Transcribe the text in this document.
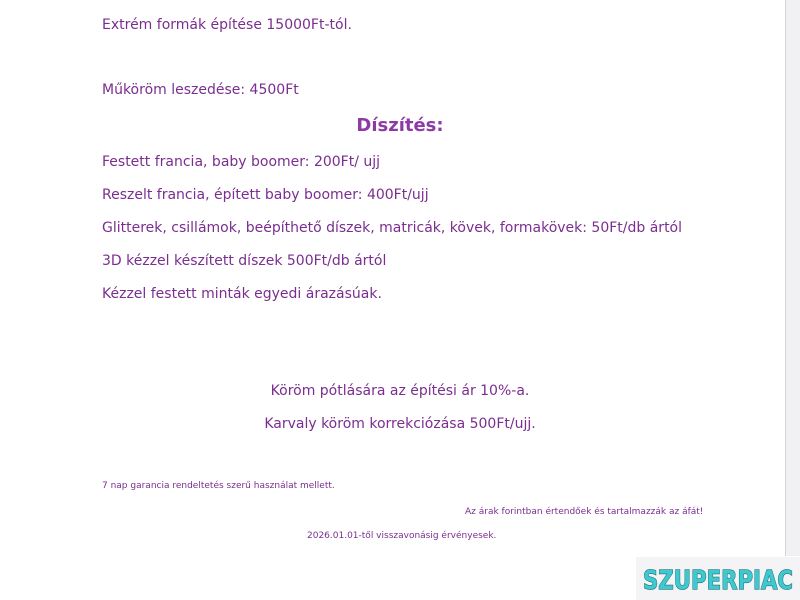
Extrém formák építése 15000Ft-tól.

Műköröm leszedése: 4500Ft

Díszítés:

Festett francia, baby boomer: 200Ft/ ujj

Reszelt francia, épített baby boomer: 400Ft/ujj

Glitterek, csillámok, beépíthető díszek, matricák, kövek, formakövek: 50Ft/db ártól

3D kézzel készített díszek 500Ft/db ártól

Kézzel festett minták egyedi árazásúak.

Köröm pótlására az építési ár 10%-a.

Karvaly köröm korrekciózása 500Ft/ujj.

7 nap garancia rendeltetés szerű használat mellett.

Az árak forintban értendőek és tartalmazzák az áfát!

2026.01.01-től visszavonásig érvényesek.

SZUPERPIAC
